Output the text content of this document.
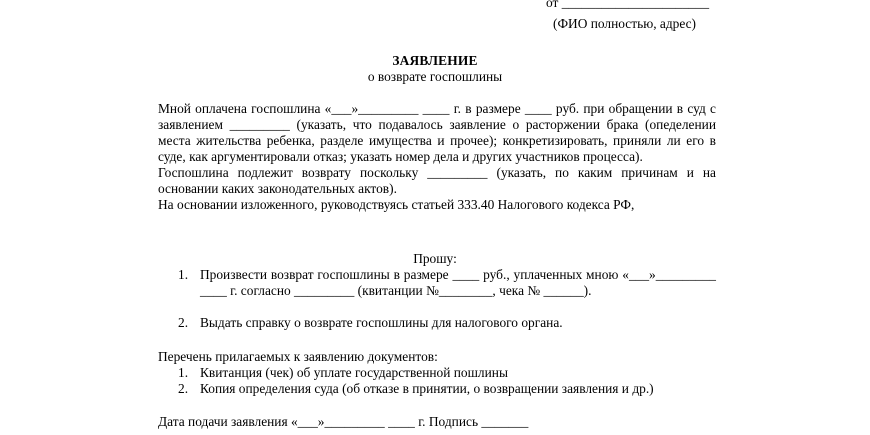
от ______________________
(ФИО полностью, адрес)
ЗАЯВЛЕНИЕ
о возврате госпошлины

Мной оплачена госпошлина «___»_________ ____ г. в размере ____ руб. при обращении в суд с заявлением _________ (указать, что подавалось заявление о расторжении брака (опеделении места жительства ребенка, разделе имущества и прочее); конкретизировать, приняли ли его в суде, как аргументировали отказ; указать номер дела и других участников процесса).

Госпошлина подлежит возврату поскольку _________ (указать, по каким причинам и на основании каких законодательных актов).

На основании изложенного, руководствуясь статьей 333.40 Налогового кодекса РФ,

Прошу:
1. Произвести возврат госпошлины в размере ____ руб., уплаченных мною «___»_________ ____ г. согласно _________ (квитанции №________, чека № ______).
2. Выдать справку о возврате госпошлины для налогового органа.
Перечень прилагаемых к заявлению документов:
1. Квитанция (чек) об уплате государственной пошлины
2. Копия определения суда (об отказе в принятии, о возвращении заявления и др.)
Дата подачи заявления «___»_________ ____ г. Подпись _______
